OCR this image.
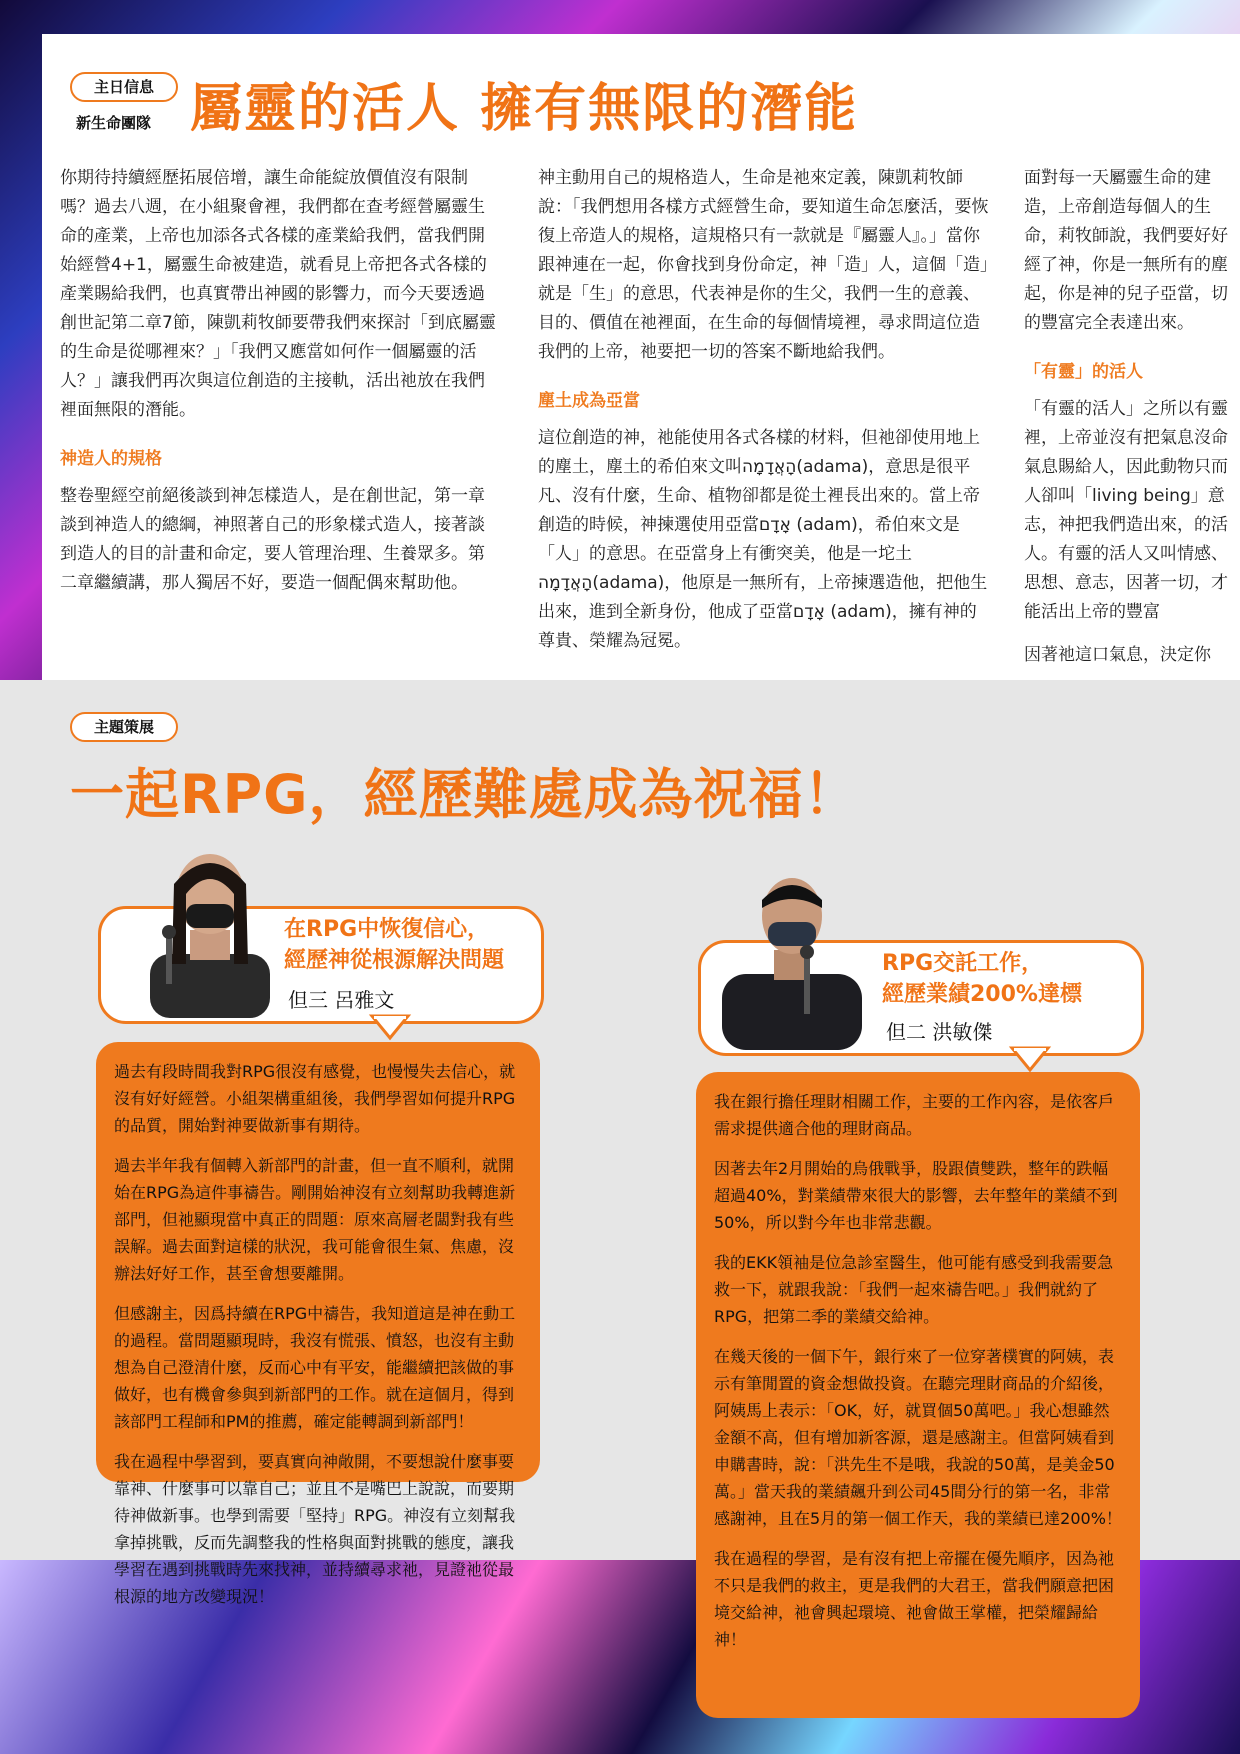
主日信息
新生命團隊 屬靈的活人 擁有無限的潛能

你期待持續經歷拓展倍增，讓生命能綻放價值沒有限制嗎？過去八週，在小組聚會裡，我們都在查考經營屬靈生命的產業，上帝也加添各式各樣的產業給我們，當我們開始經營4+1，屬靈生命被建造，就看見上帝把各式各樣的產業賜給我們，也真實帶出神國的影響力，而今天要透過創世記第二章7節，陳凱莉牧師要帶我們來探討「到底屬靈的生命是從哪裡來？」「我們又應當如何作一個屬靈的活人？」讓我們再次與這位創造的主接軌，活出祂放在我們裡面無限的潛能。

神造人的規格

整卷聖經空前絕後談到神怎樣造人，是在創世記，第一章談到神造人的總綱，神照著自己的形象樣式造人，接著談到造人的目的計畫和命定，要人管理治理、生養眾多。第二章繼續講，那人獨居不好，要造一個配偶來幫助他。

神主動用自己的規格造人，生命是祂來定義，陳凱莉牧師說：「我們想用各樣方式經營生命，要知道生命怎麼活，要恢復上帝造人的規格，這規格只有一款就是『屬靈人』。」當你跟神連在一起，你會找到身份命定，神「造」人，這個「造」就是「生」的意思，代表神是你的生父，我們一生的意義、目的、價值在祂裡面，在生命的每個情境裡，尋求問這位造我們的上帝，祂要把一切的答案不斷地給我們。

塵土成為亞當

這位創造的神，祂能使用各式各樣的材料，但祂卻使用地上的塵土，塵土的希伯來文叫הָאֲדָמָה(adama)，意思是很平凡、沒有什麼，生命、植物卻都是從土裡長出來的。當上帝創造的時候，神揀選使用亞當אָדָם (adam)，希伯來文是「人」的意思。在亞當身上有衝突美，他是一坨土הָאֲדָמָה(adama)，他原是一無所有，上帝揀選造他，把他生出來，進到全新身份，他成了亞當אָדָם (adam)，擁有神的尊貴、榮耀為冠冕。

面對每一天屬靈生命的建造，上帝創造每個人的生命，莉牧師說，我們要好好經了神，你是一無所有的塵起，你是神的兒子亞當，切的豐富完全表達出來。

「有靈」的活人

「有靈的活人」之所以有靈裡，上帝並沒有把氣息沒命氣息賜給人，因此動物只而人卻叫「living being」意志，神把我們造出來，的活人。有靈的活人又叫情感、思想、意志，因著一切，才能活出上帝的豐富

因著祂這口氣息，決定你

主題策展
一起RPG，經歷難處成為祝福！
在RPG中恢復信心，
經歷神從根源解決問題
但三 呂雅文

過去有段時間我對RPG很沒有感覺，也慢慢失去信心，就沒有好好經營。小組架構重組後，我們學習如何提升RPG的品質，開始對神要做新事有期待。

過去半年我有個轉入新部門的計畫，但一直不順利，就開始在RPG為這件事禱告。剛開始神沒有立刻幫助我轉進新部門，但祂顯現當中真正的問題：原來高層老闆對我有些誤解。過去面對這樣的狀況，我可能會很生氣、焦慮，沒辦法好好工作，甚至會想要離開。

但感謝主，因爲持續在RPG中禱告，我知道這是神在動工的過程。當問題顯現時，我沒有慌張、憤怒，也沒有主動想為自己澄清什麼，反而心中有平安，能繼續把該做的事做好，也有機會參與到新部門的工作。就在這個月，得到該部門工程師和PM的推薦，確定能轉調到新部門！

我在過程中學習到，要真實向神敞開，不要想說什麼事要靠神、什麼事可以靠自己；並且不是嘴巴上說說，而要期待神做新事。也學到需要「堅持」RPG。神沒有立刻幫我拿掉挑戰，反而先調整我的性格與面對挑戰的態度，讓我學習在遇到挑戰時先來找神，並持續尋求祂，見證祂從最根源的地方改變現況！

RPG交託工作，
經歷業績200%達標
但二 洪敏傑

我在銀行擔任理財相關工作，主要的工作內容，是依客戶需求提供適合他的理財商品。

因著去年2月開始的烏俄戰爭，股跟債雙跌，整年的跌幅超過40%，對業績帶來很大的影響，去年整年的業績不到50%，所以對今年也非常悲觀。

我的EKK領袖是位急診室醫生，他可能有感受到我需要急救一下，就跟我說：「我們一起來禱告吧。」我們就約了RPG，把第二季的業績交給神。

在幾天後的一個下午，銀行來了一位穿著樸實的阿姨，表示有筆閒置的資金想做投資。在聽完理財商品的介紹後，阿姨馬上表示：「OK，好，就買個50萬吧。」我心想雖然金額不高，但有增加新客源，還是感謝主。但當阿姨看到申購書時，說：「洪先生不是哦，我說的50萬，是美金50萬。」當天我的業績飆升到公司45間分行的第一名，非常感謝神，且在5月的第一個工作天，我的業績已達200%！

我在過程的學習，是有沒有把上帝擺在優先順序，因為祂不只是我們的救主，更是我們的大君王，當我們願意把困境交給神，祂會興起環境、祂會做王掌權，把榮耀歸給神！
